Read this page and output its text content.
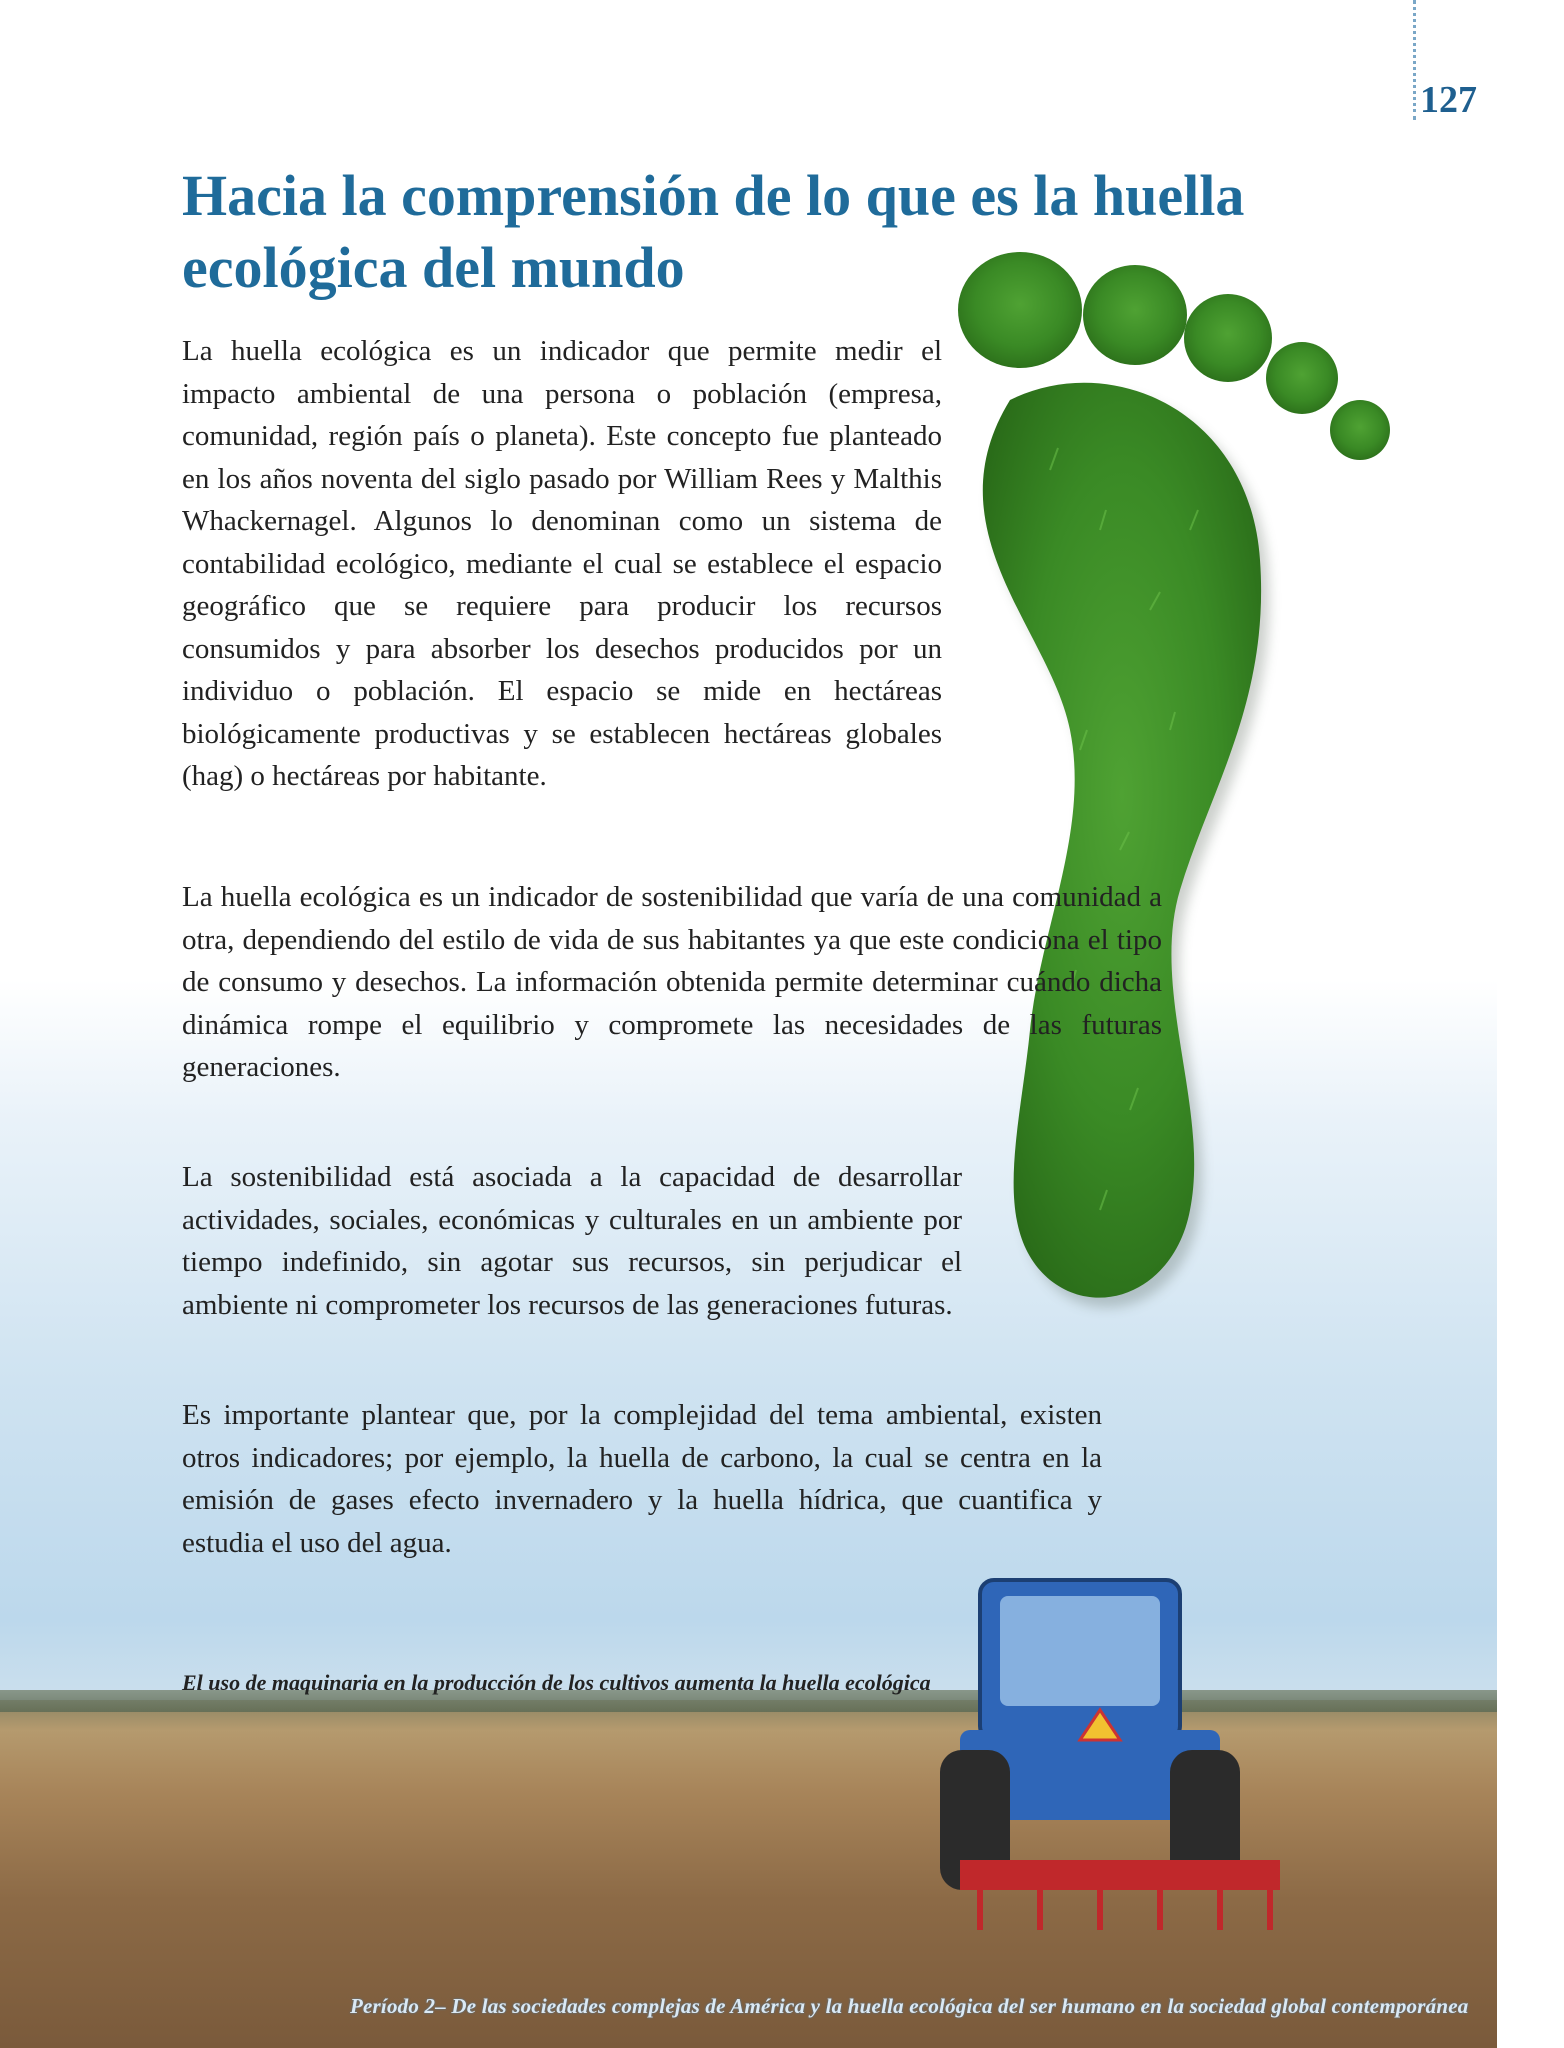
127
Hacia la comprensión de lo que es la huella ecológica del mundo

La huella ecológica es un indicador que permite medir el impacto ambiental de una persona o población (empresa, comunidad, región país o planeta). Este concepto fue planteado en los años noventa del siglo pasado por William Rees y Malthis Whackernagel. Algunos lo denominan como un sistema de contabilidad ecológico, mediante el cual se establece el espacio geográfico que se requiere para producir los recursos consumidos y para absorber los desechos producidos por un individuo o población. El espacio se mide en hectáreas biológicamente productivas y se establecen hectáreas globales (hag) o hectáreas por habitante.

La huella ecológica es un indicador de sostenibilidad que varía de una comunidad a otra, dependiendo del estilo de vida de sus habitantes ya que este condiciona el tipo de consumo y desechos. La información obtenida permite determinar cuándo dicha dinámica rompe el equilibrio y compromete las necesidades de las futuras generaciones.

La sostenibilidad está asociada a la capacidad de desarrollar actividades, sociales, económicas y culturales en un ambiente por tiempo indefinido, sin agotar sus recursos, sin perjudicar el ambiente ni comprometer los recursos de las generaciones futuras.

Es importante plantear que, por la complejidad del tema ambiental, existen otros indicadores; por ejemplo, la huella de carbono, la cual se centra en la emisión de gases efecto invernadero y la huella hídrica, que cuantifica y estudia el uso del agua.

El uso de maquinaria en la producción de los cultivos aumenta la huella ecológica

Período 2– De las sociedades complejas de América y la huella ecológica del ser humano en la sociedad global contemporánea
